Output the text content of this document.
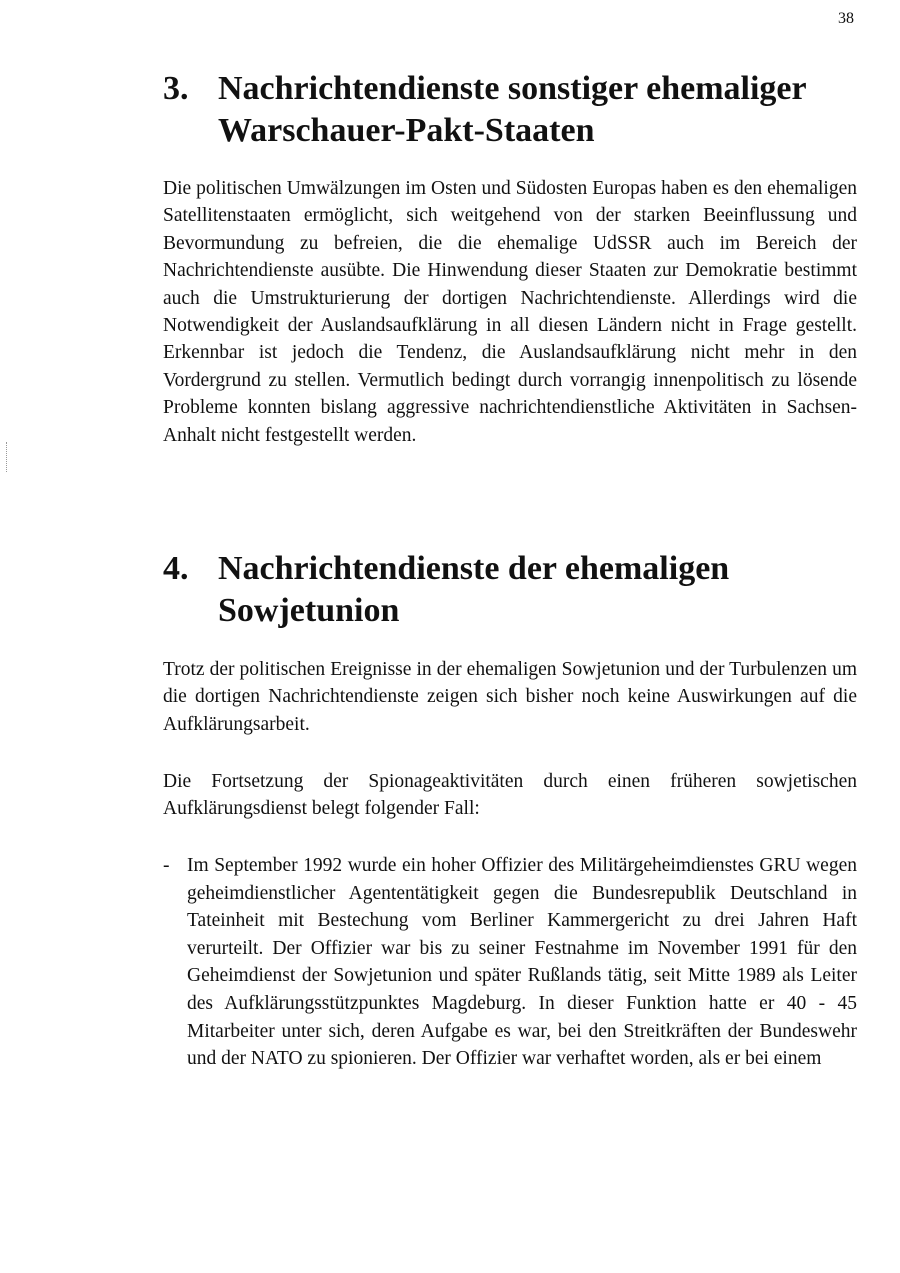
38
3. Nachrichtendienste sonstiger ehemaliger Warschauer-Pakt-Staaten

Die politischen Umwälzungen im Osten und Südosten Europas haben es den ehemaligen Satellitenstaaten ermöglicht, sich weitgehend von der starken Beeinflussung und Bevormundung zu befreien, die die ehemalige UdSSR auch im Bereich der Nachrichtendienste ausübte. Die Hinwendung dieser Staaten zur Demokratie bestimmt auch die Umstrukturierung der dortigen Nachrichtendienste. Allerdings wird die Notwendigkeit der Auslandsaufklärung in all diesen Ländern nicht in Frage gestellt. Erkennbar ist jedoch die Tendenz, die Auslandsaufklärung nicht mehr in den Vordergrund zu stellen. Vermutlich bedingt durch vorrangig innenpolitisch zu lösende Probleme konnten bislang aggressive nachrichtendienstliche Aktivitäten in Sachsen-Anhalt nicht festgestellt werden.

4. Nachrichtendienste der ehemaligen Sowjetunion

Trotz der politischen Ereignisse in der ehemaligen Sowjetunion und der Turbulenzen um die dortigen Nachrichtendienste zeigen sich bisher noch keine Auswirkungen auf die Aufklärungsarbeit.

Die Fortsetzung der Spionageaktivitäten durch einen früheren sowjetischen Aufklärungsdienst belegt folgender Fall:

- Im September 1992 wurde ein hoher Offizier des Militärgeheimdienstes GRU wegen geheimdienstlicher Agententätigkeit gegen die Bundesrepublik Deutschland in Tateinheit mit Bestechung vom Berliner Kammergericht zu drei Jahren Haft verurteilt. Der Offizier war bis zu seiner Festnahme im November 1991 für den Geheimdienst der Sowjetunion und später Rußlands tätig, seit Mitte 1989 als Leiter des Aufklärungsstützpunktes Magdeburg. In dieser Funktion hatte er 40 - 45 Mitarbeiter unter sich, deren Aufgabe es war, bei den Streitkräften der Bundeswehr und der NATO zu spionieren. Der Offizier war verhaftet worden, als er bei einem
